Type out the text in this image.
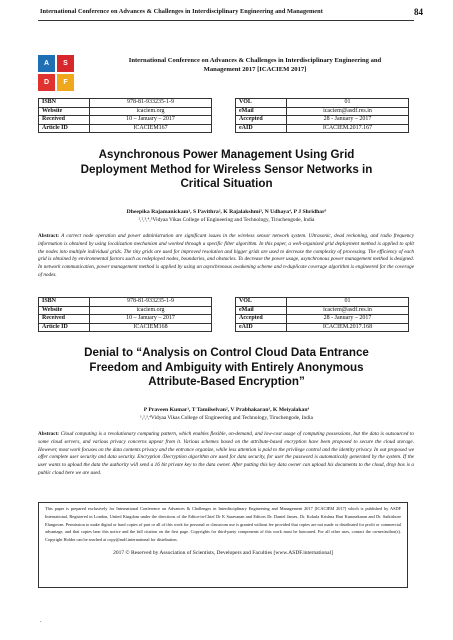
International Conference on Advances & Challenges in Interdisciplinary Engineering and Management	84
A	S
D	F
International Conference on Advances & Challenges in Interdisciplinary Engineering and
Management 2017 [ICACIEM 2017]
ISBN	978-81-933235-1-9
Website	icaciem.org
Received	10 – January – 2017
Article ID	ICACIEM167
VOL	01
eMail	icaciem@asdf.res.in
Accepted	28 - January – 2017
eAID	ICACIEM.2017.167
Asynchronous Power Management Using Grid
Deployment Method for Wireless Sensor Networks in
Critical Situation
Dheepika Rajamanickam¹, S Pavithra², K Rajalakshmi³, N Udhaya⁴, P J Shridhar⁵
¹,²,³,⁴,⁵Vidyaa Vikas College of Engineering and Technology, Tiruchengode, India
Abstract: A correct node operation and power administration are significant issues in the wireless sensor network system. Ultrasonic, dead reckoning, and radio frequency information is obtained by using localization mechanism and worked through a specific filter algorithm. In this paper, a well-organized grid deployment method is applied to split the nodes into multiple individual grids. The tiny grids are used for improved resolution and bigger grids are used to decrease the complexity of processing. The efficiency of each grid is obtained by environmental factors such as redeployed nodes, boundaries, and obstacles. To decrease the power usage, asynchronous power management method is designed. In network communication, power management method is applied by using an asynchronous awakening scheme and n-duplicate coverage algorithm is engineered for the coverage of nodes.
ISBN	978-81-933235-1-9
Website	icaciem.org
Received	10 – January – 2017
Article ID	ICACIEM168
VOL	01
eMail	icaciem@asdf.res.in
Accepted	28 - January – 2017
eAID	ICACIEM.2017.168
Denial to “Analysis on Control Cloud Data Entrance
Freedom and Ambiguity with Entirely Anonymous
Attribute-Based Encryption”
P Praveen Kumar¹, T Tamilselvan², V Prabhakaran³, K Meiyalakan⁴
¹,²,³,⁴Vidyaa Vikas College of Engineering and Technology, Tiruchengode, India
Abstract: Cloud computing is a revolutionary computing pattern, which enables flexible, on-demand, and low-cost usage of computing possessions, but the data is outsourced to some cloud servers, and various privacy concerns appear from it. Various schemes based on the attribute-based encryption have been proposed to secure the cloud storage. However, most work focuses on the data contents privacy and the entrance organize, while less attention is paid to the privilege control and the identity privacy. In out proposed we offer complete user security and data security. Encryption /Decryption algorithm are used for data security, for user the password is automatically generated by the system. If the user wants to upload the data the authority will send a 16 bit private key to the data owner. After putting this key data owner can upload his documents to the cloud, drop box is a public cloud here we are used.

This paper is prepared exclusively for International Conference on Advances & Challenges in Interdisciplinary Engineering and Management 2017 [ICACIEM 2017] which is published by ASDF International, Registered in London, United Kingdom under the directions of the Editor-in-Chief Dr K Saravanan and Editors Dr. Daniel James, Dr. Kokula Krishna Hari Kunasekaran and Dr. Saikishore Elangovan. Permission to make digital or hard copies of part or all of this work for personal or classroom use is granted without fee provided that copies are not made or distributed for profit or commercial advantage, and that copies bear this notice and the full citation on the first page. Copyrights for third-party components of this work must be honoured. For all other uses, contact the owner/author(s). Copyright Holder can be reached at copy@asdf.international for distribution.

2017 © Reserved by Association of Scientists, Developers and Faculties [www.ASDF.international]

.
